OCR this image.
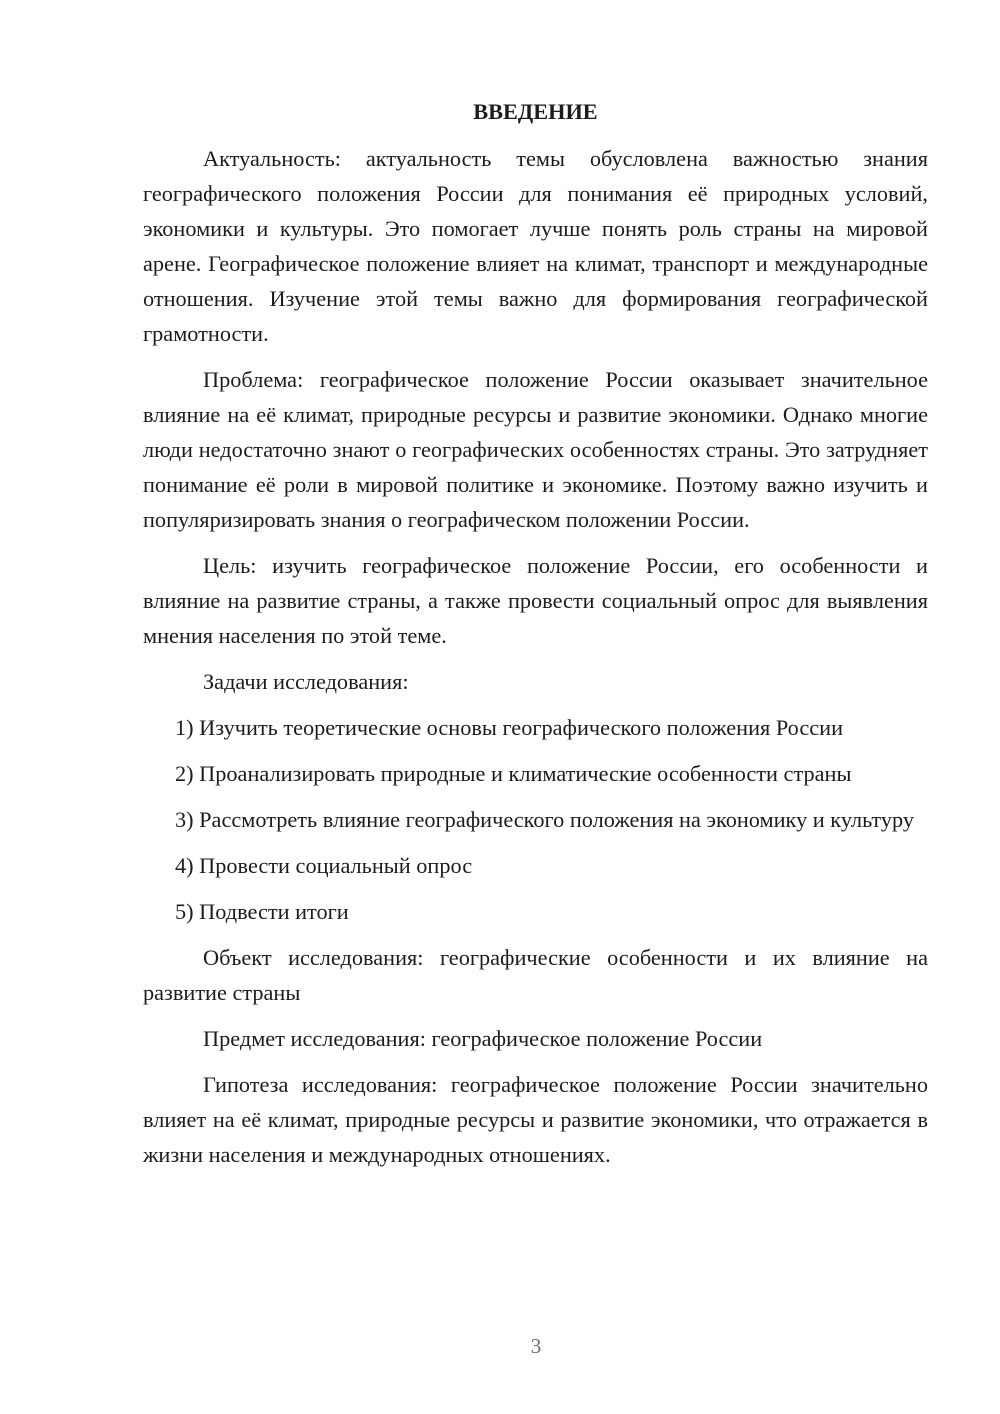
ВВЕДЕНИЕ

Актуальность: актуальность темы обусловлена важностью знания географического положения России для понимания её природных условий, экономики и культуры. Это помогает лучше понять роль страны на мировой арене. Географическое положение влияет на климат, транспорт и международные отношения. Изучение этой темы важно для формирования географической грамотности.

Проблема: географическое положение России оказывает значительное влияние на её климат, природные ресурсы и развитие экономики. Однако многие люди недостаточно знают о географических особенностях страны. Это затрудняет понимание её роли в мировой политике и экономике. Поэтому важно изучить и популяризировать знания о географическом положении России.

Цель: изучить географическое положение России, его особенности и влияние на развитие страны, а также провести социальный опрос для выявления мнения населения по этой теме.

Задачи исследования:

1) Изучить теоретические основы географического положения России

2) Проанализировать природные и климатические особенности страны

3) Рассмотреть влияние географического положения на экономику и культуру

4) Провести социальный опрос

5) Подвести итоги

Объект исследования: географические особенности и их влияние на развитие страны

Предмет исследования: географическое положение России

Гипотеза исследования: географическое положение России значительно влияет на её климат, природные ресурсы и развитие экономики, что отражается в жизни населения и международных отношениях.

3
